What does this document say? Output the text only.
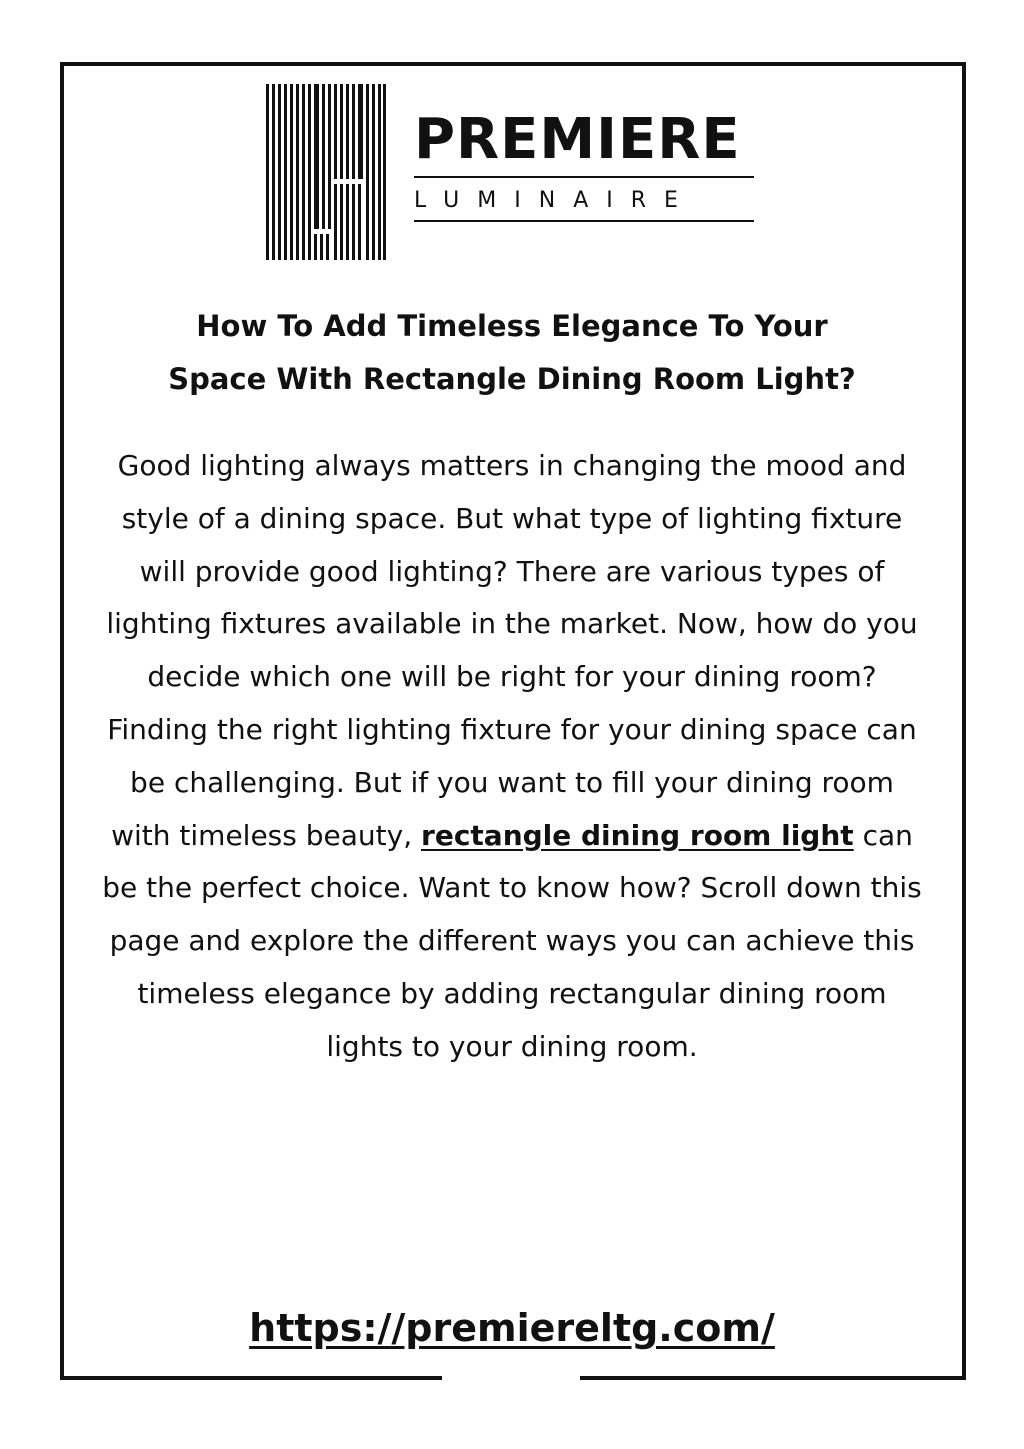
PREMIERE
LUMINAIRE
How To Add Timeless Elegance To Your
Space With Rectangle Dining Room Light?

Good lighting always matters in changing the mood and style of a dining space. But what type of lighting fixture will provide good lighting? There are various types of lighting fixtures available in the market. Now, how do you decide which one will be right for your dining room? Finding the right lighting fixture for your dining space can be challenging. But if you want to fill your dining room with timeless beauty, rectangle dining room light can be the perfect choice. Want to know how? Scroll down this page and explore the different ways you can achieve this timeless elegance by adding rectangular dining room lights to your dining room.

https://premiereltg.com/
